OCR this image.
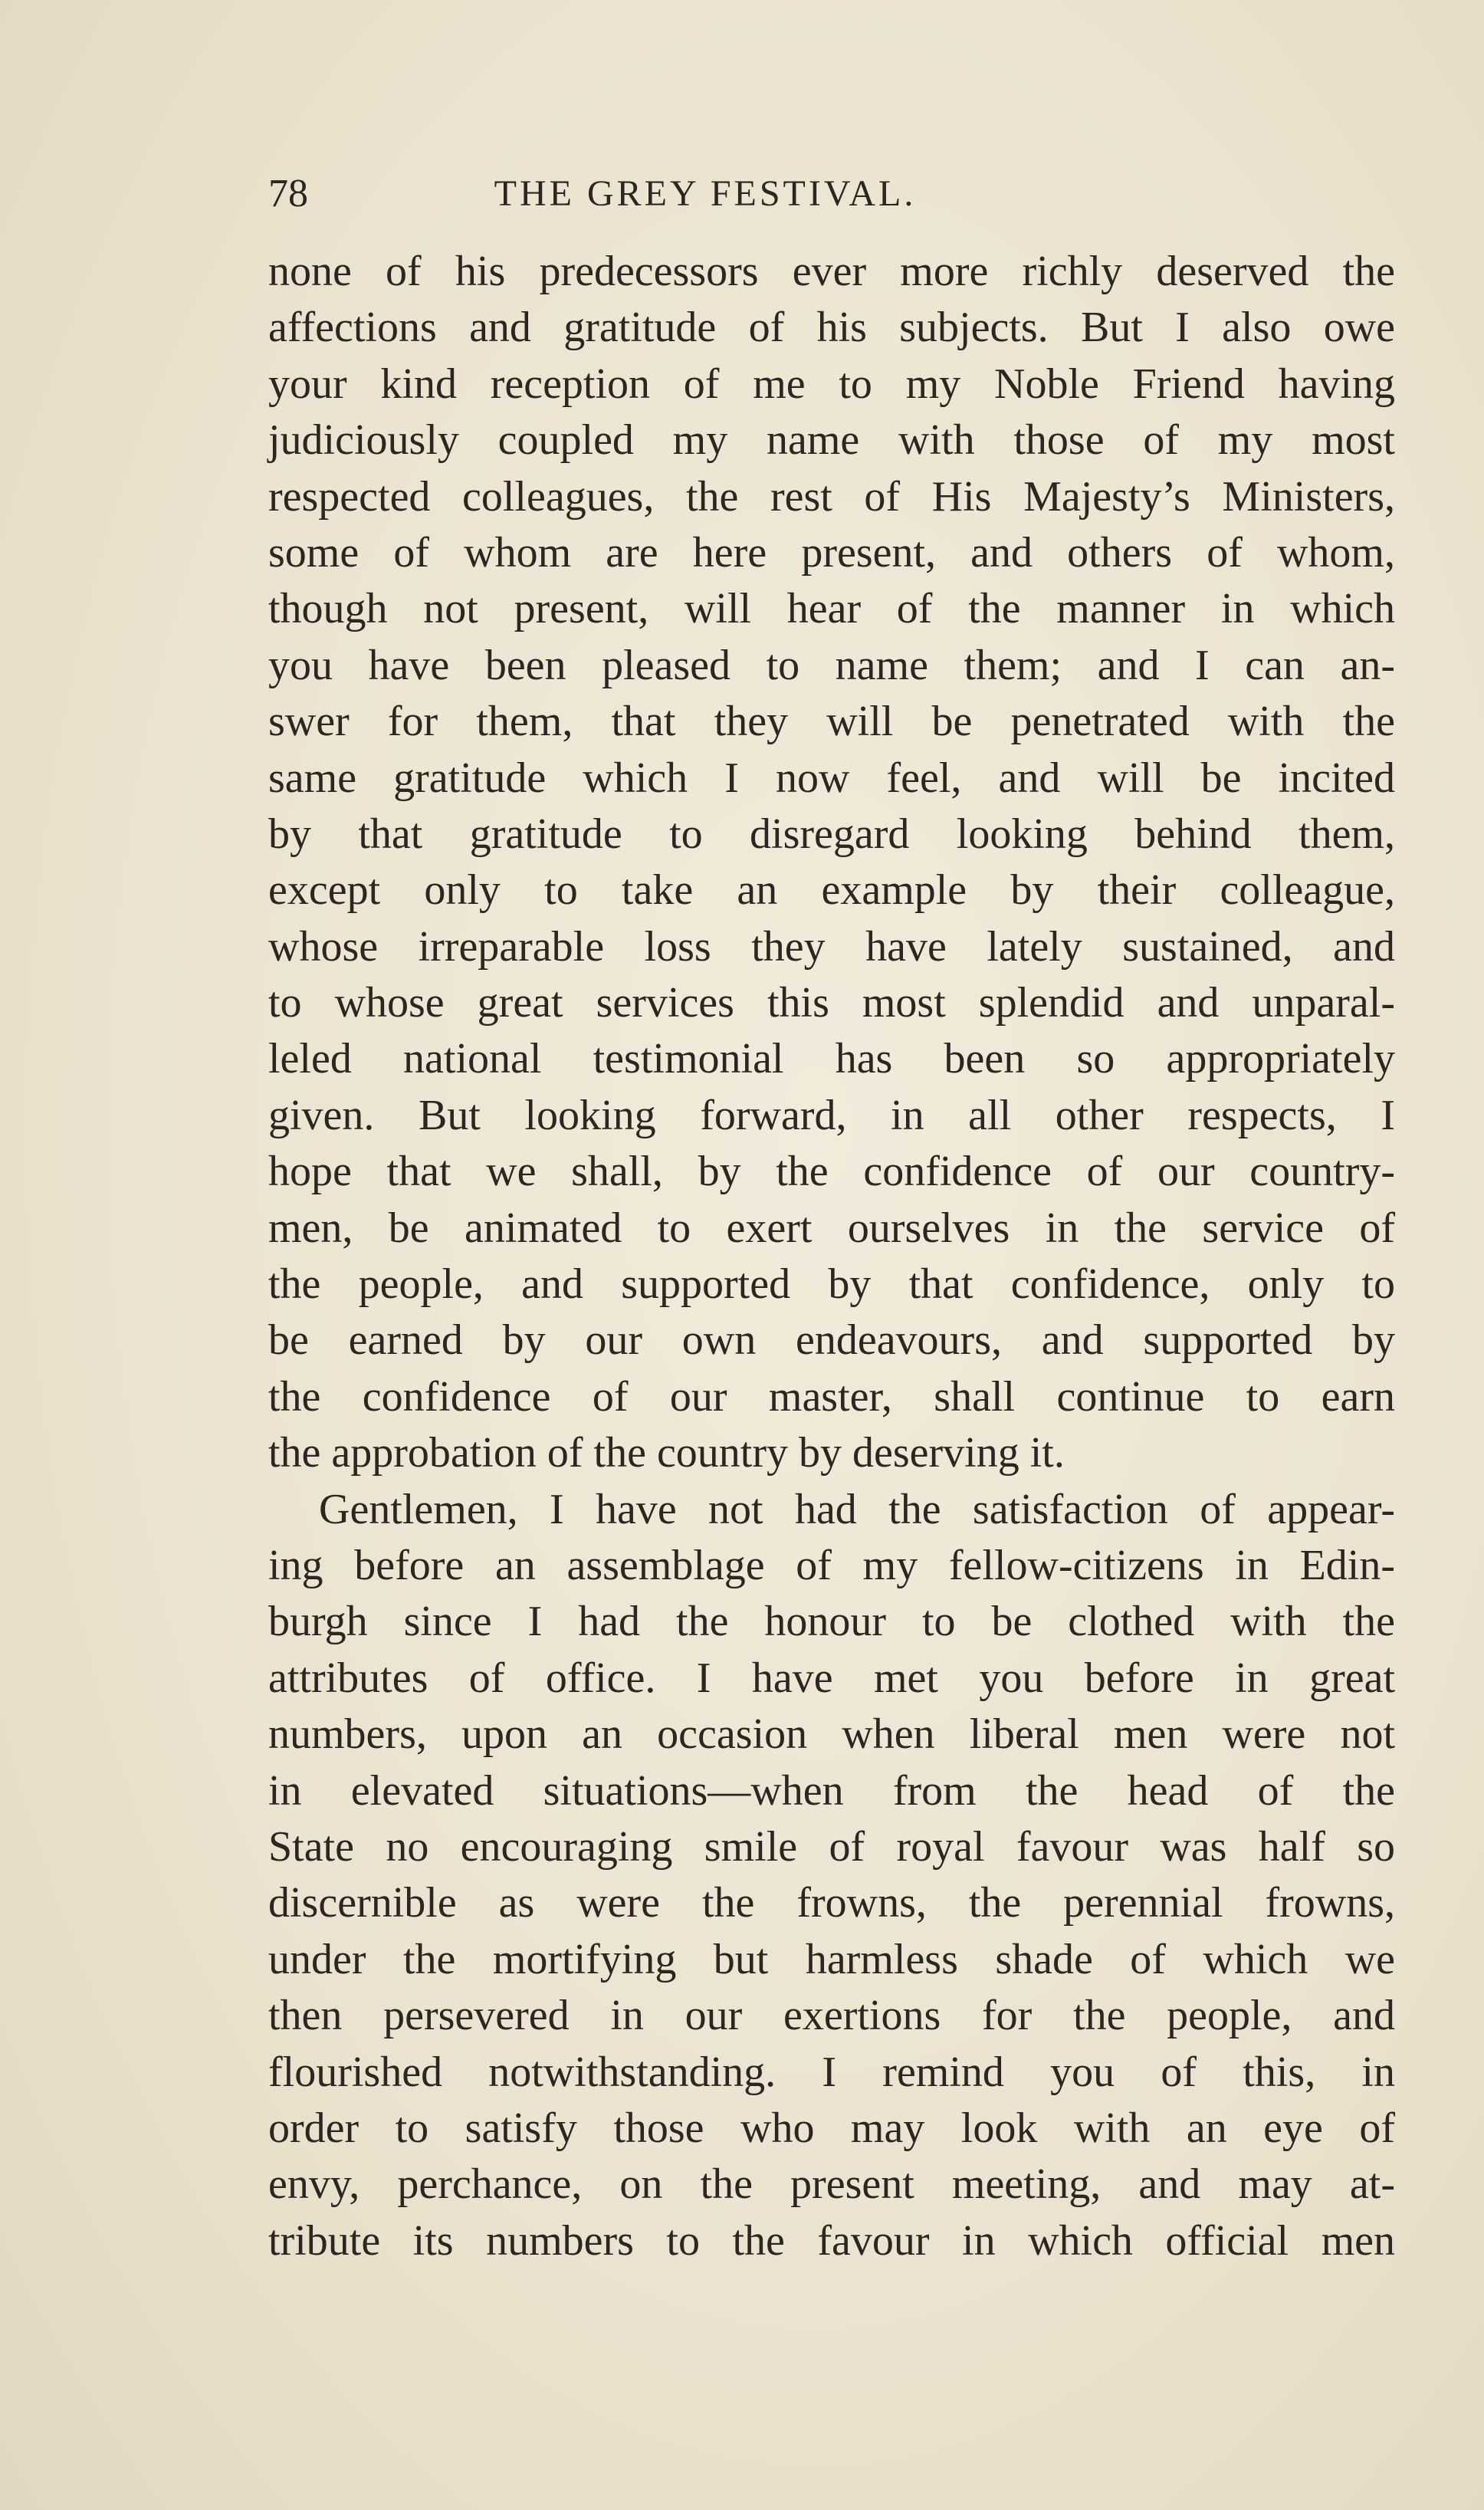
78	THE GREY FESTIVAL.
none of his predecessors ever more richly deserved the
affections and gratitude of his subjects. But I also owe
your kind reception of me to my Noble Friend having
judiciously coupled my name with those of my most
respected colleagues, the rest of His Majesty’s Ministers,
some of whom are here present, and others of whom,
though not present, will hear of the manner in which
you have been pleased to name them; and I can an-
swer for them, that they will be penetrated with the
same gratitude which I now feel, and will be incited
by that gratitude to disregard looking behind them,
except only to take an example by their colleague,
whose irreparable loss they have lately sustained, and
to whose great services this most splendid and unparal-
leled national testimonial has been so appropriately
given. But looking forward, in all other respects, I
hope that we shall, by the confidence of our country-
men, be animated to exert ourselves in the service of
the people, and supported by that confidence, only to
be earned by our own endeavours, and supported by
the confidence of our master, shall continue to earn
the approbation of the country by deserving it.
Gentlemen, I have not had the satisfaction of appear-
ing before an assemblage of my fellow-citizens in Edin-
burgh since I had the honour to be clothed with the
attributes of office. I have met you before in great
numbers, upon an occasion when liberal men were not
in elevated situations—when from the head of the
State no encouraging smile of royal favour was half so
discernible as were the frowns, the perennial frowns,
under the mortifying but harmless shade of which we
then persevered in our exertions for the people, and
flourished notwithstanding. I remind you of this, in
order to satisfy those who may look with an eye of
envy, perchance, on the present meeting, and may at-
tribute its numbers to the favour in which official men
